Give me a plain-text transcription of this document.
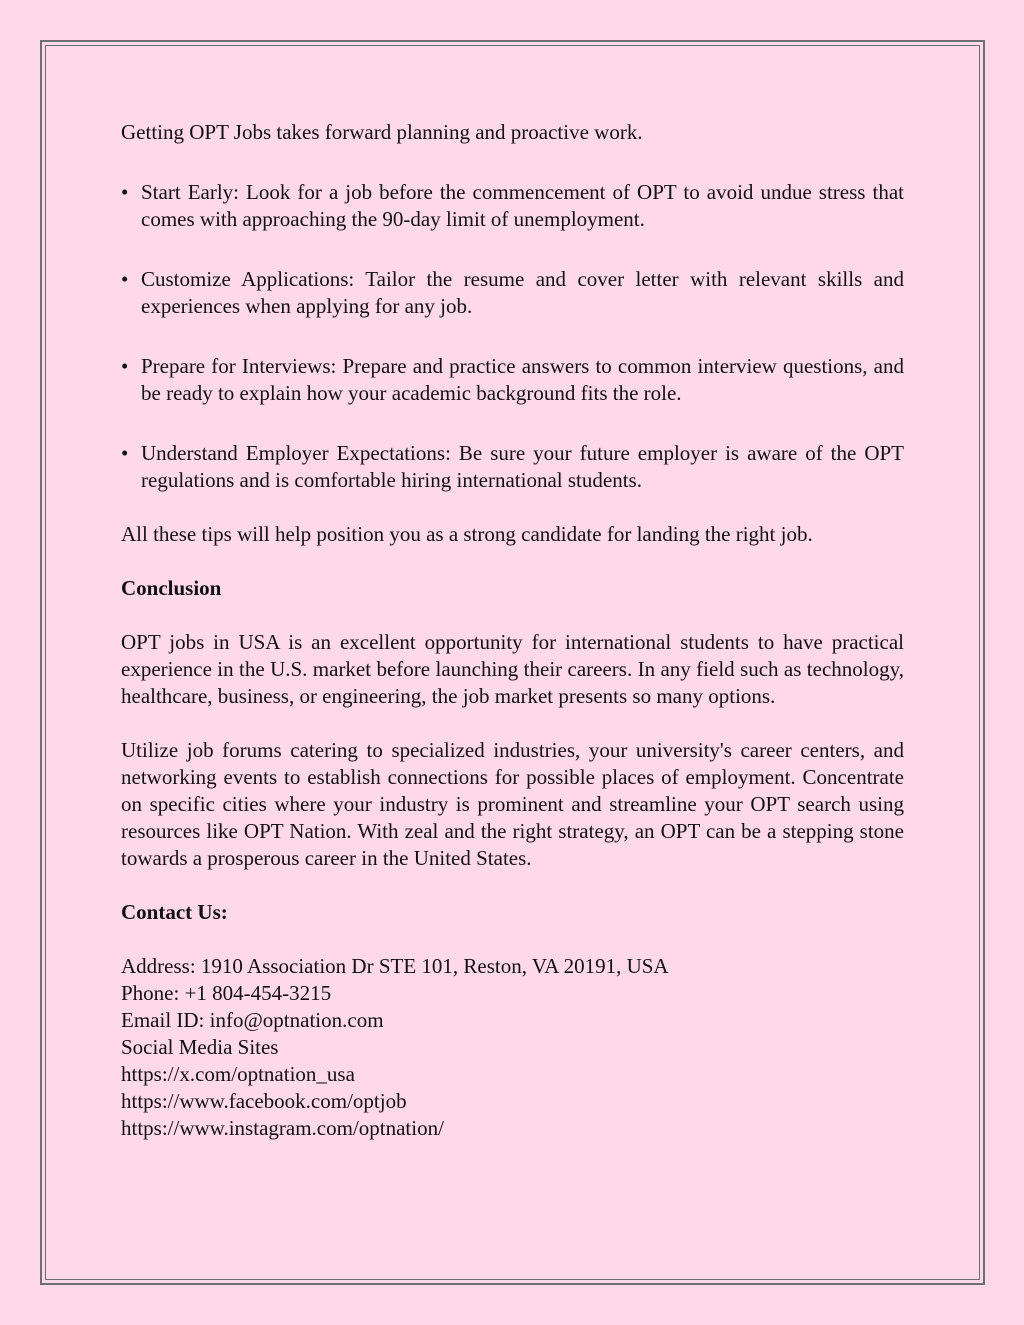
Getting OPT Jobs takes forward planning and proactive work.

• Start Early: Look for a job before the commencement of OPT to avoid undue stress that comes with approaching the 90-day limit of unemployment.
• Customize Applications: Tailor the resume and cover letter with relevant skills and experiences when applying for any job.
• Prepare for Interviews: Prepare and practice answers to common interview questions, and be ready to explain how your academic background fits the role.
• Understand Employer Expectations: Be sure your future employer is aware of the OPT regulations and is comfortable hiring international students.

All these tips will help position you as a strong candidate for landing the right job.

Conclusion

OPT jobs in USA is an excellent opportunity for international students to have practical experience in the U.S. market before launching their careers. In any field such as technology, healthcare, business, or engineering, the job market presents so many options.

Utilize job forums catering to specialized industries, your university's career centers, and networking events to establish connections for possible places of employment. Concentrate on specific cities where your industry is prominent and streamline your OPT search using resources like OPT Nation. With zeal and the right strategy, an OPT can be a stepping stone towards a prosperous career in the United States.

Contact Us:
Address: 1910 Association Dr STE 101, Reston, VA 20191, USA
Phone: +1 804-454-3215
Email ID: info@optnation.com
Social Media Sites
https://x.com/optnation_usa
https://www.facebook.com/optjob
https://www.instagram.com/optnation/
